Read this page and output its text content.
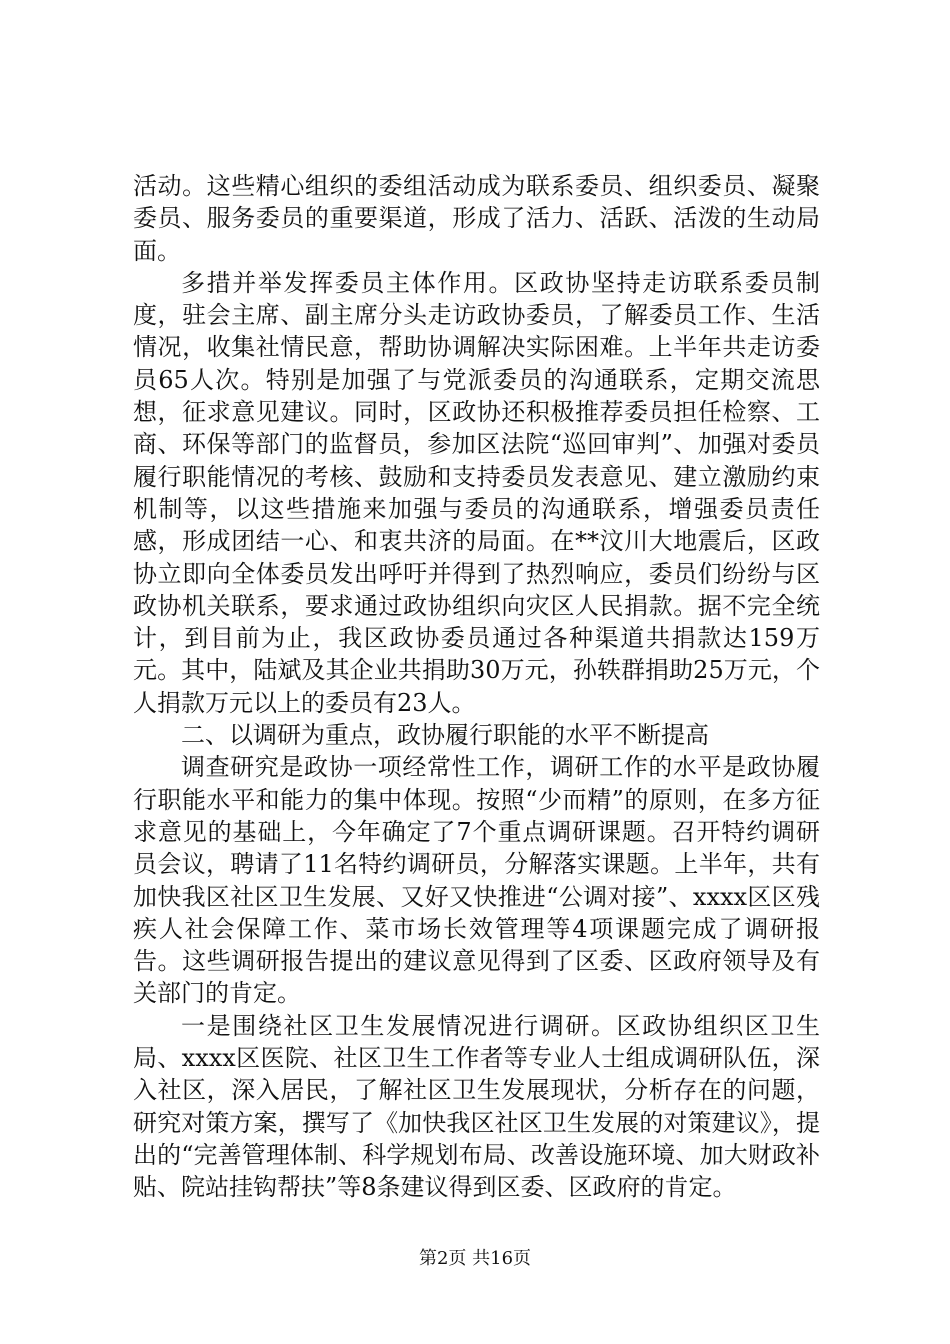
活动。这些精心组织的委组活动成为联系委员、组织委员、凝聚委员、服务委员的重要渠道，形成了活力、活跃、活泼的生动局面。

多措并举发挥委员主体作用。区政协坚持走访联系委员制度，驻会主席、副主席分头走访政协委员，了解委员工作、生活情况，收集社情民意，帮助协调解决实际困难。上半年共走访委员65人次。特别是加强了与党派委员的沟通联系，定期交流思想，征求意见建议。同时，区政协还积极推荐委员担任检察、工商、环保等部门的监督员，参加区法院“巡回审判”、加强对委员履行职能情况的考核、鼓励和支持委员发表意见、建立激励约束机制等，以这些措施来加强与委员的沟通联系，增强委员责任感，形成团结一心、和衷共济的局面。在**汶川大地震后，区政协立即向全体委员发出呼吁并得到了热烈响应，委员们纷纷与区政协机关联系，要求通过政协组织向灾区人民捐款。据不完全统计，到目前为止，我区政协委员通过各种渠道共捐款达159万元。其中，陆斌及其企业共捐助30万元，孙轶群捐助25万元，个人捐款万元以上的委员有23人。

二、以调研为重点，政协履行职能的水平不断提高

调查研究是政协一项经常性工作，调研工作的水平是政协履行职能水平和能力的集中体现。按照“少而精”的原则，在多方征求意见的基础上，今年确定了7个重点调研课题。召开特约调研员会议，聘请了11名特约调研员，分解落实课题。上半年，共有加快我区社区卫生发展、又好又快推进“公调对接”、xxxx区区残疾人社会保障工作、菜市场长效管理等4项课题完成了调研报告。这些调研报告提出的建议意见得到了区委、区政府领导及有关部门的肯定。

一是围绕社区卫生发展情况进行调研。区政协组织区卫生局、xxxx区医院、社区卫生工作者等专业人士组成调研队伍，深入社区，深入居民，了解社区卫生发展现状，分析存在的问题，研究对策方案，撰写了《加快我区社区卫生发展的对策建议》，提出的“完善管理体制、科学规划布局、改善设施环境、加大财政补贴、院站挂钩帮扶”等8条建议得到区委、区政府的肯定。

第2页 共16页
